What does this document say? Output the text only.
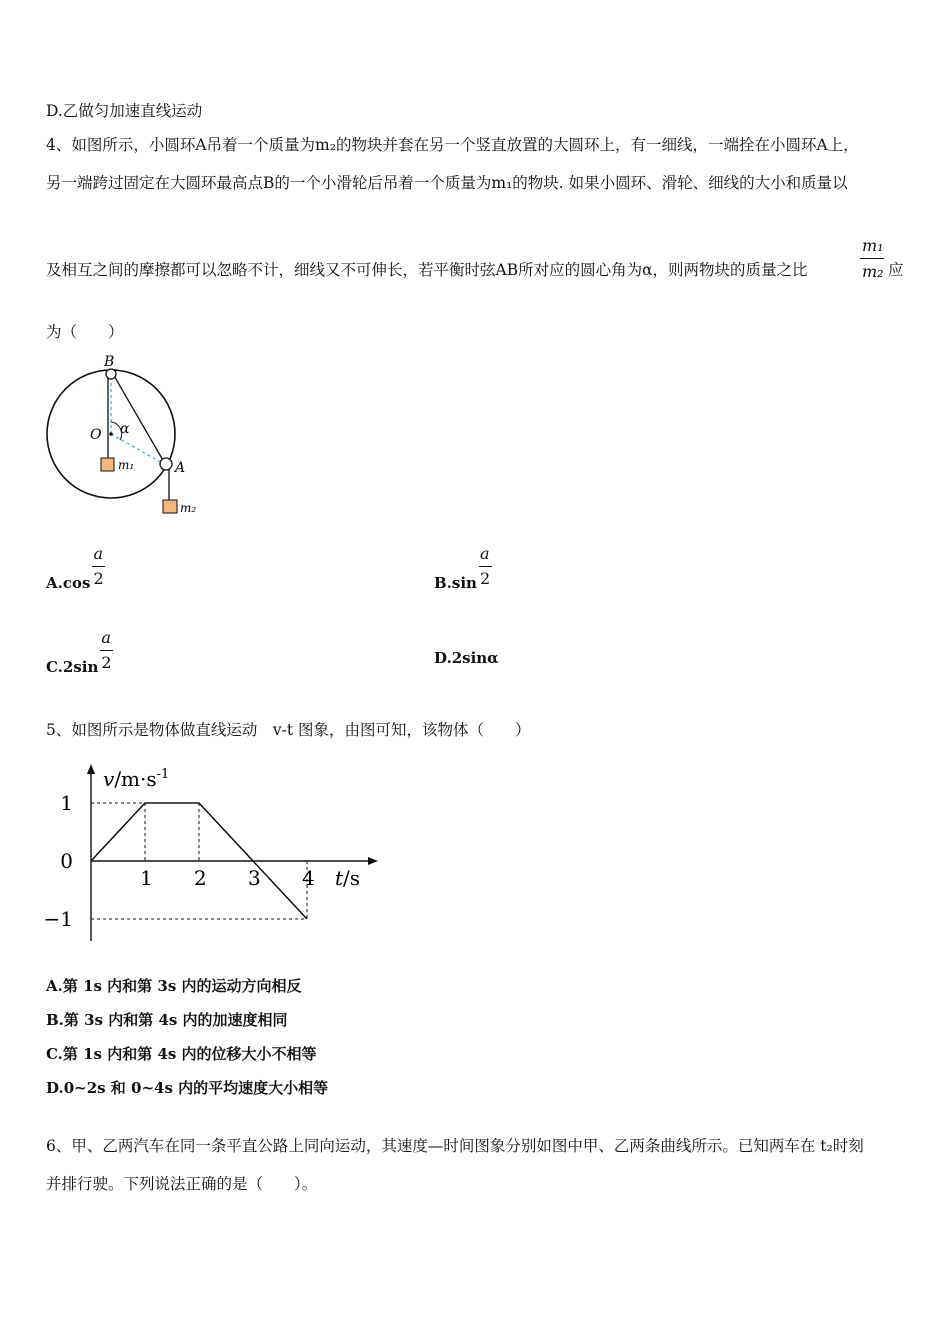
D.乙做匀加速直线运动
4、如图所示，小圆环A吊着一个质量为m₂的物块并套在另一个竖直放置的大圆环上，有一细线，一端拴在小圆环A上，
另一端跨过固定在大圆环最高点B的一个小滑轮后吊着一个质量为m₁的物块. 如果小圆环、滑轮、细线的大小和质量以
及相互之间的摩擦都可以忽略不计，细线又不可伸长，若平衡时弦AB所对应的圆心角为α，则两物块的质量之比
m₁
m₂ 应
为（　　）
B
O α
A
m₁
m₂
$A.\cos \frac{a}{2}$	$B.\sin \frac{a}{2}$
$C.2\sin \frac{a}{2}$	D.2sinα
5、如图所示是物体做直线运动　v-t 图象，由图可知，该物体（　　）
1 2 3 4
1
0
−1
$v/m\cdot s^{-1}$
t/s
A.第 1s 内和第 3s 内的运动方向相反
B.第 3s 内和第 4s 内的加速度相同
C.第 1s 内和第 4s 内的位移大小不相等
D.0~2s 和 0~4s 内的平均速度大小相等
6、甲、乙两汽车在同一条平直公路上同向运动，其速度—时间图象分别如图中甲、乙两条曲线所示。已知两车在 t₂时刻
并排行驶。下列说法正确的是（　　）。
